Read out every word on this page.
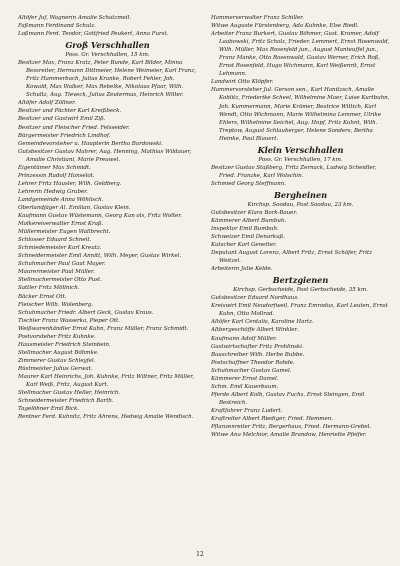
Altöfer Juf, Wagnerin Amalie Schatzmeil.

Faßmann Ferdinand Schulz.

Loßmann Ferd. Teodor, Gottfried Peukert, Anna Furst.

Groß Verschhallen

Poss. Gr. Verschhallen, 15 km.

Besitzer Max, Franz Kratz, Peter Bunde, Karl Bilder, Minna Bessreiter, Hermann Dittmeier, Helene Weimeier, Karl Franz, Fritz Hammerbach, Julius Kranke, Robert Fehler, Joh. Kowald, Max Walker, Max Rebelke, Nikolaus Pfaar, Wilh. Schultz, Aug. Tieveck, Julius Zeutermas, Heinrich Wilter.

Altöfer Adolf Zöllner.

Besitzer und Pächter Karl Kreißbeck.

Besitzer und Gastwirt Emil Ziß.

Besitzer und Fleischer Fried. Felsseider.

Bürgermeister Friedrich Lindhof.

Gemeindevorsteher u. Haupterin Bertha Bardowski.

Gutsbesitzer Gustav Mahrer, Aug. Henning, Mathias Wildauer, Amalie Christiani, Marie Preuwel.

Eigentümer Max Schmidt.

Prinzessin Rudolf Hanselot.

Lehrer Fritz Hausler, Wilh. Geldberg.

Lehrerin Hedwig Gruber.

Landgemeinde Anna Wöhlisch.

Oberlandjäger Al. Emilian, Gustav Klein.

Kaufmann Gustav Wüstemann, Georg Kan ols, Fritz Wolter.

Molkereiverwalter Ernst Kraß.

Müllermeister Eugen Wallbrecht.

Schlosser Eduard Schneit.

Schmiedemeister Karl Kreutz.

Schneidermeister Emil Annitt, Wilh. Meyer, Gustav Wirkel.

Schuhmacher Paul Gaut Mayer.

Maurermeister Paul Müller.

Stellmachermeister Otto Pust.

Sattler Fritz Möllnich.

Bäcker Ernst Ott.

Fleischer Wilh. Wolenberg.

Schuhmacher Friedr. Albert Geck, Gustav Kraus.

Tischler Franz Wasserka, Pieper Ott.

Weißwarenhändler Ernst Kuhn, Franz Müller, Franz Schmidt.

Postvorsteher Fritz Kuhnke.

Hausmeister Friedrich Steinbein.

Stellmacher August Böhmke.

Zimmerer Gustav Schleyfel.

Rüstmeister Julius Gerwat.

Maurer Karl Heinrichs, Joh. Kuhnke, Fritz Wiltner, Fritz Müller, Karl Weiß, Fritz, August Kurt.

Stellmacher Gustav Heller, Heinrich.

Schneidermeister Friedrich Barth.

Tagelöhner Emil Bick.

Rentner Ferd. Kuhnitz, Fritz Ahrens, Hedwig Amalie Wendisch.

Hammerverwalter Franz Schiller.

Witwe Auguste Fürstenberg, Ada Kuhnke, Else Riedl.

Arbeiter Franz Burkert, Gustav Böhmer, Gust. Kramer, Adolf Laabowski, Fritz Scholz, Frieder. Lemmert, Ernst Rosenwald, Wilh. Müller, Max Rosenfeld jun., August Manteuffel jun., Franz Manke, Otto Rosenwald, Gustav Werner, Erich Roß, Ernst Rosenfeld, Hugo Wichmann, Karl Weißenrit, Ernst Lehmann.

Landwirt Otto Klöpfer.

Hammervorsteher Jul. Gerson sen., Karl Hanitzsch, Amalie Koblitz, Friederike Scheel, Wilhelmine Maer, Luise Kurtbuhn, Joh. Kummermann, Marie Krämer, Beatrice Wittich, Karl Wendt, Otto Wichmann, Marie Wilhelmina Lemmer, Ulrike Ehlers, Wilhelmine Seichel, Aug. Hopf, Fritz Kuhnt, Wilh. Treptow, August Schlauberger, Helene Sonders, Bertha Heinke, Paul Blauert.

Klein Verschhallen

Poss. Gr. Verschhallen, 17 km.

Besitzer Gustav Staßberg, Fritz Zernack, Ludwig Scheidler, Fried. Franzke, Karl Wolschin.

Schmied Georg Steffmann.

Bergheinen

Kirchsp. Soodau, Post Soodau, 23 km.

Gutsbesitzer Klara Bork-Bauer.

Kämmerer Albert Bumbuh.

Inspektor Emil Bumbuh.

Schweizer Emil Denarkuß.

Kutscher Karl Genetter.

Deputant August Lorenz, Albert Fritz, Ernst Schäfer, Fritz Weitzel.

Arbeiterin Julie Kelde.

Bertzgienen

Kirchsp. Gerbscheide, Post Gerbscheide, 35 km.

Gutsbesitzer Eduard Nordhaus.

Kreiswirt Emil Neudorfweil, Franz Emrodus, Karl Leuten, Ernst Kuhn, Otto Mollrad.

Altöfer Karl Centalis, Karoline Hartz.

Altbergeschöffe Albert Winkler.

Kaufmann Adolf Müller.

Gastwirtschafter Fritz Prohlinski.

Bauschreiber Wilh. Herbe Bubbe.

Postschaffner Theodor Rohde.

Schuhmacher Gustav Gamel.

Kämmerer Ernst Damel.

Schm. Emil Kauerbaum.

Pferde Albert Kolb, Gustav Fuchs, Ernst Steingen, Emil Bestreich.

Kraftfahrer Franz Ludert.

Kraftreiter Albert Riediger, Fried. Hemmen.

Pflanzenreiter Fritz, Bergerhaus, Fried. Hermann-Grebel.

Witwe Ana Melchior, Amalie Brandow, Henriette Pfeifer.

12
